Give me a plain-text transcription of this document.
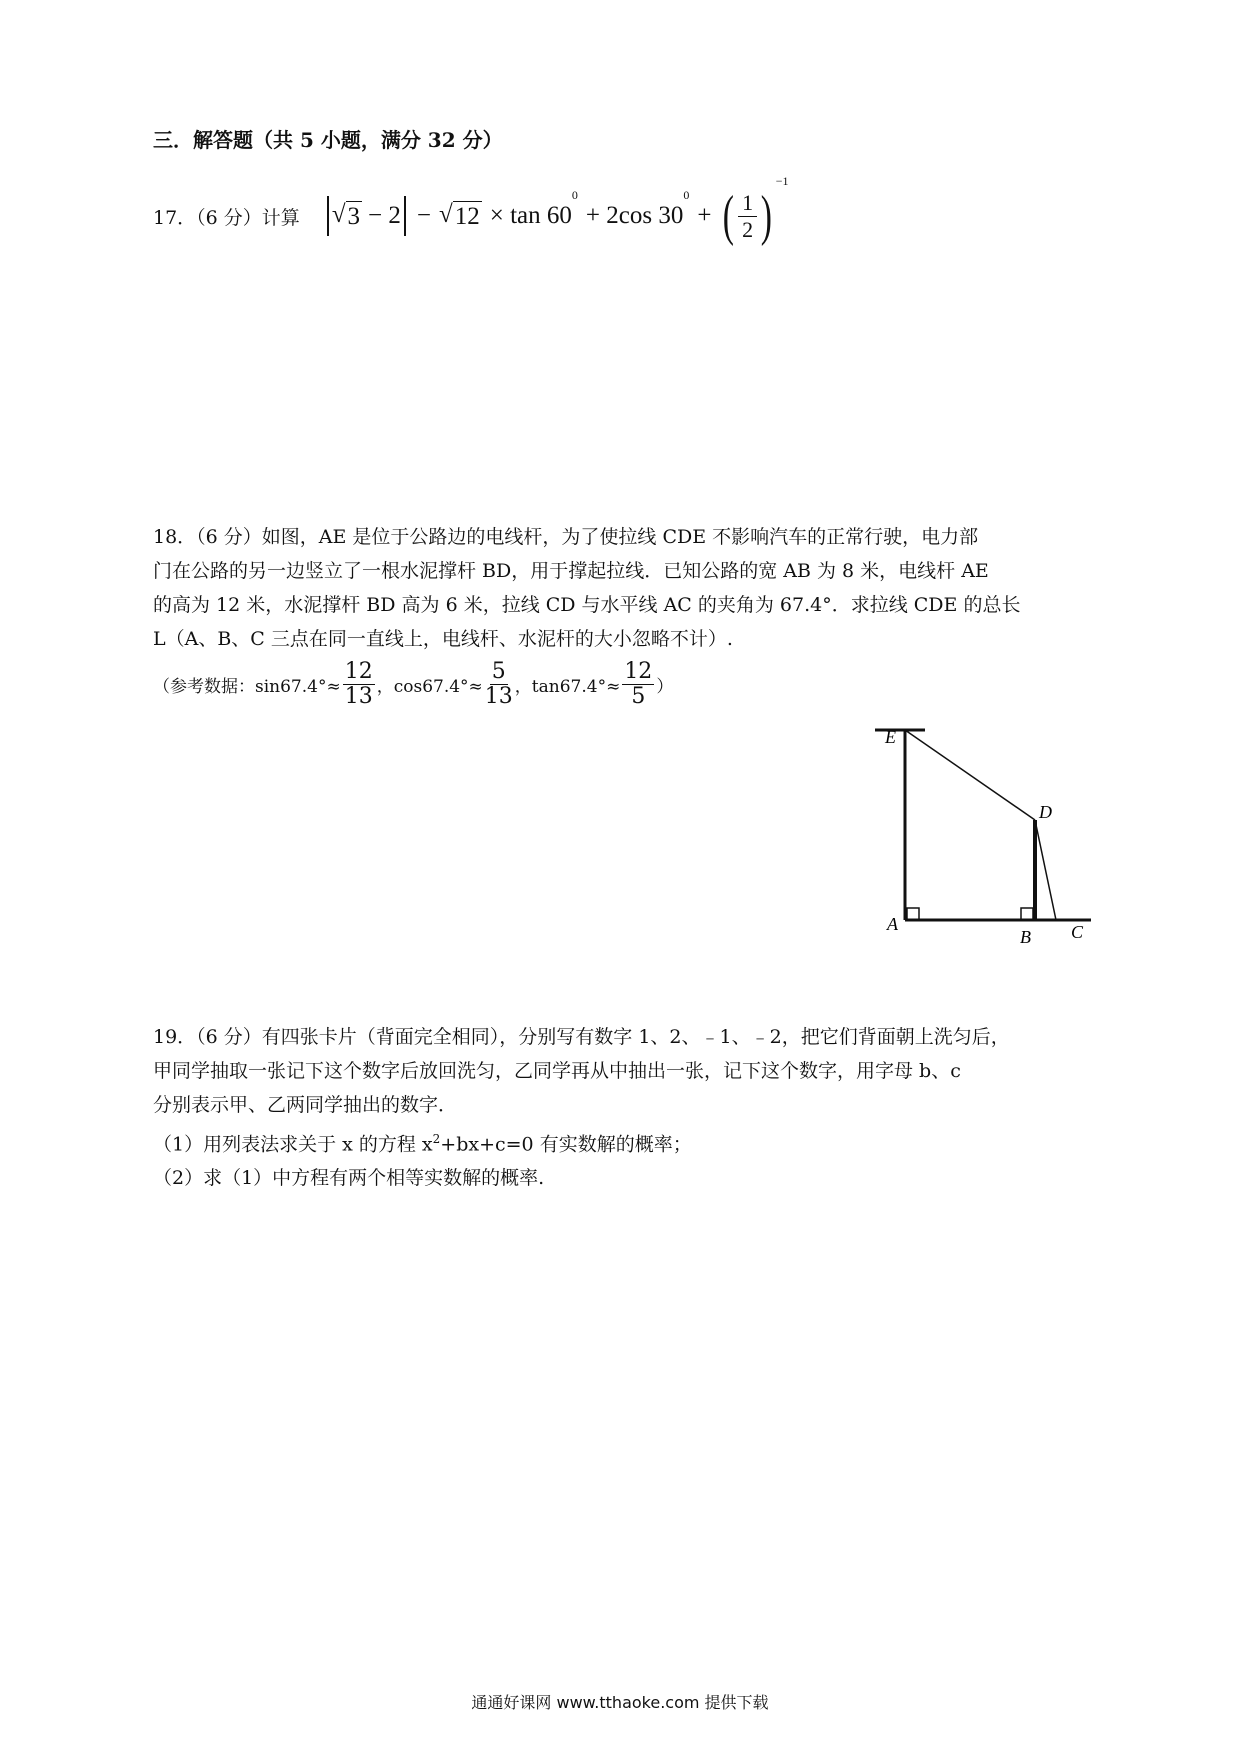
三．解答题（共 5 小题，满分 32 分）
17．（6 分）计算 √ 3 − 2 − √ 12 × tan 60
$^0$
+ 2cos 30
$^0$
+ ( $\frac{1}{2}$ )
$^{-1}$
18．（6 分）如图，AE 是位于公路边的电线杆，为了使拉线 CDE 不影响汽车的正常行驶，电力部
门在公路的另一边竖立了一根水泥撑杆 BD，用于撑起拉线．已知公路的宽 AB 为 8 米，电线杆 AE
的高为 12 米，水泥撑杆 BD 高为 6 米，拉线 CD 与水平线 AC 的夹角为 67.4°．求拉线 CDE 的总长
L（A、B、C 三点在同一直线上，电线杆、水泥杆的大小忽略不计）.
（参考数据：$\sin 67.4^\circ\approx \frac{12}{13}$ ，$\cos 67.4^\circ\approx \frac{5}{13}$ ，$\tan 67.4^\circ\approx \frac{12}{5}$ ）
E
D
A
B C
19．（6 分）有四张卡片（背面完全相同），分别写有数字 1、2、﹣1、﹣2，把它们背面朝上洗匀后，
甲同学抽取一张记下这个数字后放回洗匀，乙同学再从中抽出一张，记下这个数字，用字母 b、c
分别表示甲、乙两同学抽出的数字．
（1）用列表法求关于 x 的方程 $x^2+bx+c=0$ 有实数解的概率；
（2）求（1）中方程有两个相等实数解的概率.
通通好课网 www.tthaoke.com 提供下载
